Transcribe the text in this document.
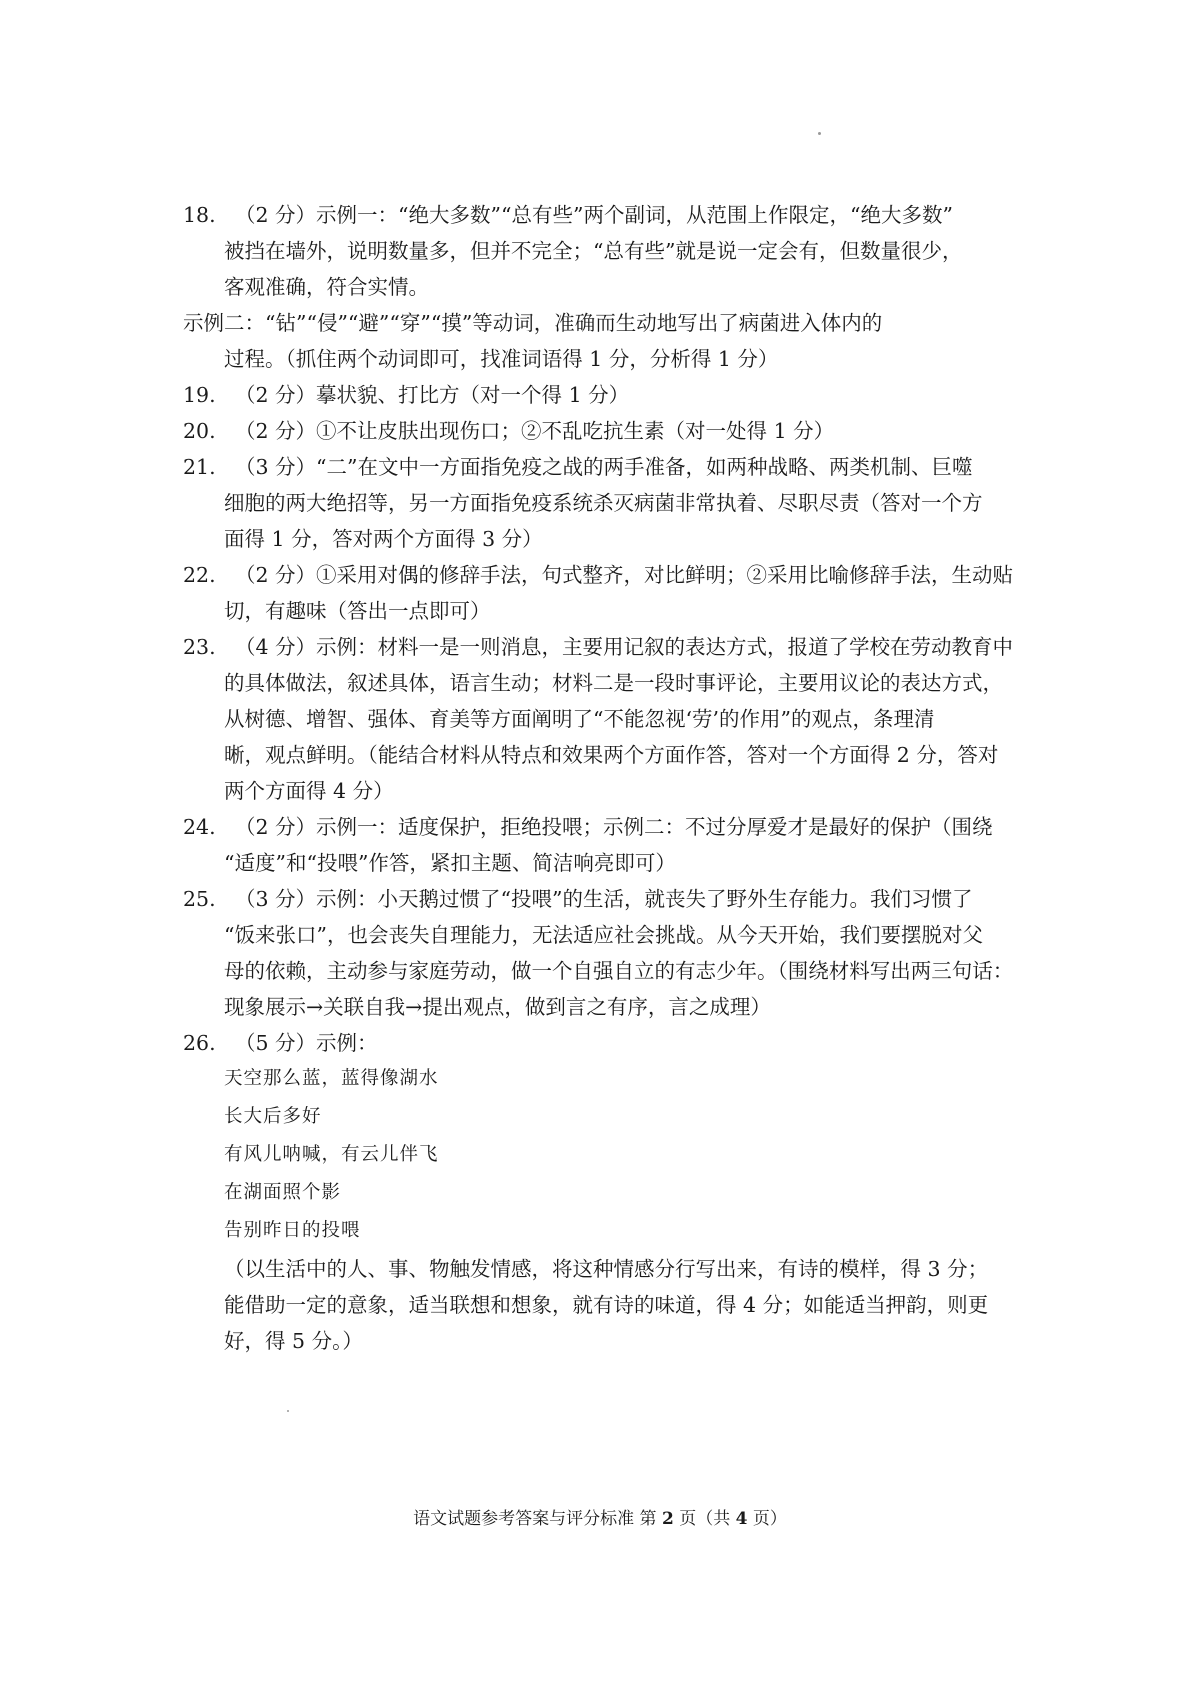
18. （2 分）示例一：“绝大多数”“总有些”两个副词，从范围上作限定，“绝大多数”
被挡在墙外，说明数量多，但并不完全；“总有些”就是说一定会有，但数量很少，
客观准确，符合实情。
示例二：“钻”“侵”“避”“穿”“摸”等动词，准确而生动地写出了病菌进入体内的
过程。（抓住两个动词即可，找准词语得 1 分，分析得 1 分）
19. （2 分）摹状貌、打比方（对一个得 1 分）
20. （2 分）①不让皮肤出现伤口；②不乱吃抗生素（对一处得 1 分）
21. （3 分）“二”在文中一方面指免疫之战的两手准备，如两种战略、两类机制、巨噬
细胞的两大绝招等，另一方面指免疫系统杀灭病菌非常执着、尽职尽责（答对一个方
面得 1 分，答对两个方面得 3 分）
22. （2 分）①采用对偶的修辞手法，句式整齐，对比鲜明；②采用比喻修辞手法，生动贴
切，有趣味（答出一点即可）
23. （4 分）示例：材料一是一则消息，主要用记叙的表达方式，报道了学校在劳动教育中
的具体做法，叙述具体，语言生动；材料二是一段时事评论，主要用议论的表达方式，
从树德、增智、强体、育美等方面阐明了“不能忽视‘劳’的作用”的观点，条理清
晰，观点鲜明。（能结合材料从特点和效果两个方面作答，答对一个方面得 2 分，答对
两个方面得 4 分）
24. （2 分）示例一：适度保护，拒绝投喂；示例二：不过分厚爱才是最好的保护（围绕
“适度”和“投喂”作答，紧扣主题、简洁响亮即可）
25. （3 分）示例：小天鹅过惯了“投喂”的生活，就丧失了野外生存能力。我们习惯了
“饭来张口”，也会丧失自理能力，无法适应社会挑战。从今天开始，我们要摆脱对父
母的依赖，主动参与家庭劳动，做一个自强自立的有志少年。（围绕材料写出两三句话：
现象展示→关联自我→提出观点，做到言之有序，言之成理）
26. （5 分）示例：
天空那么蓝，蓝得像湖水
长大后多好
有风儿呐喊，有云儿伴飞
在湖面照个影
告别昨日的投喂
（以生活中的人、事、物触发情感，将这种情感分行写出来，有诗的模样，得 3 分；
能借助一定的意象，适当联想和想象，就有诗的味道，得 4 分；如能适当押韵，则更
好，得 5 分。）
语文试题参考答案与评分标准 第 2 页（共 4 页）
